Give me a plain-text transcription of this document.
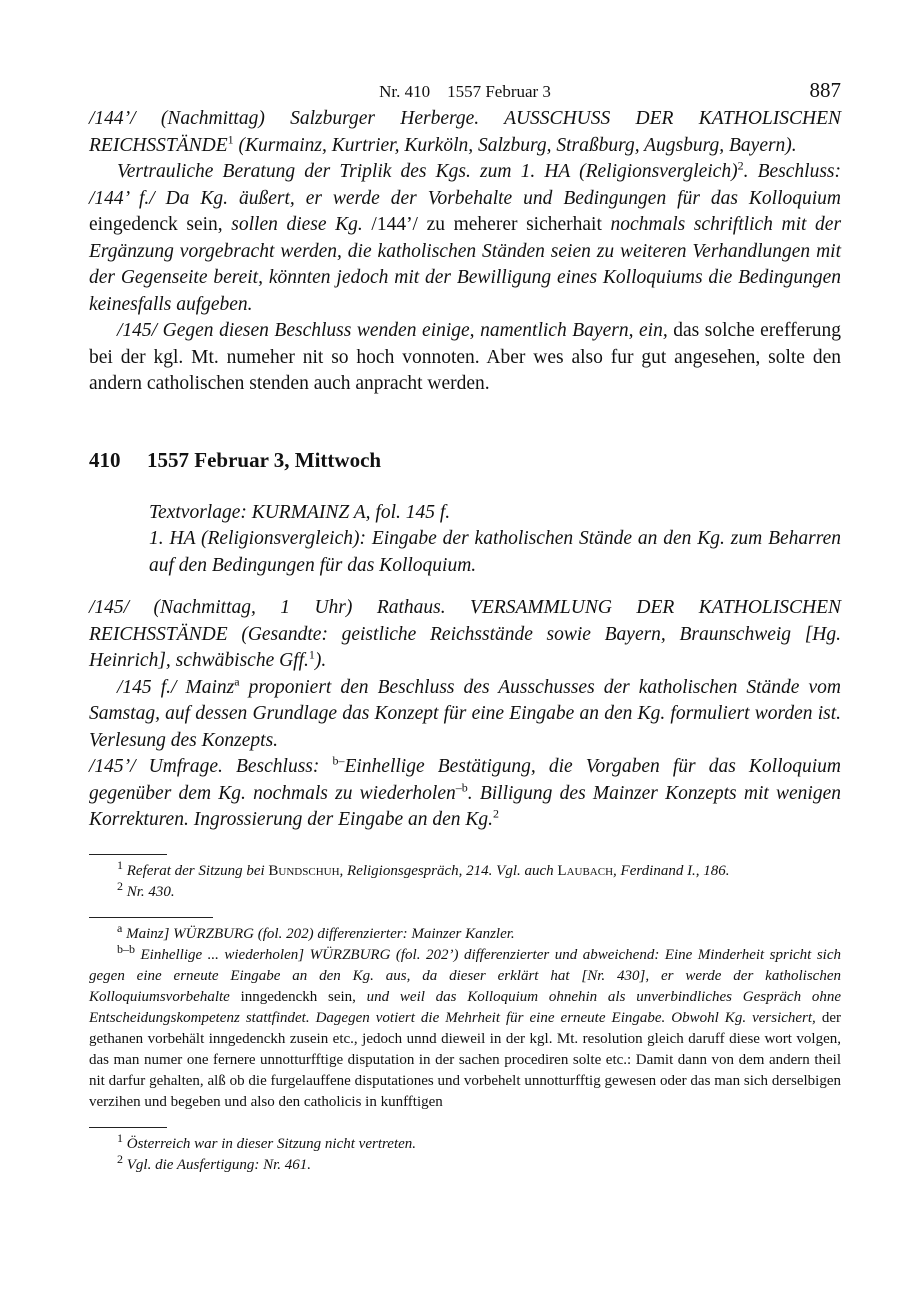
Nr. 410    1557 Februar 3	887

/144’/ (Nachmittag) Salzburger Herberge. AUSSCHUSS DER KATHOLISCHEN REICHSSTÄNDE$^1$ (Kurmainz, Kurtrier, Kurköln, Salzburg, Straßburg, Augsburg, Bayern).

Vertrauliche Beratung der Triplik des Kgs. zum 1. HA (Religionsvergleich)$^2$. Beschluss: /144’ f./ Da Kg. äußert, er werde der Vorbehalte und Bedingungen für das Kolloquium eingedenck sein, sollen diese Kg. /144’/ zu meherer sicherhait nochmals schriftlich mit der Ergänzung vorgebracht werden, die katholischen Ständen seien zu weiteren Verhandlungen mit der Gegenseite bereit, könnten jedoch mit der Bewilligung eines Kolloquiums die Bedingungen keinesfalls aufgeben.

/145/ Gegen diesen Beschluss wenden einige, namentlich Bayern, ein, das solche erefferung bei der kgl. Mt. numeher nit so hoch vonnoten. Aber wes also fur gut angesehen, solte den andern catholischen stenden auch anpracht werden.

410 1557 Februar 3, Mittwoch
Textvorlage: KURMAINZ A, fol. 145 f.
1. HA (Religionsvergleich): Eingabe der katholischen Stände an den Kg. zum Beharren auf den Bedingungen für das Kolloquium.

/145/ (Nachmittag, 1 Uhr) Rathaus. VERSAMMLUNG DER KATHOLISCHEN REICHSSTÄNDE (Gesandte: geistliche Reichsstände sowie Bayern, Braunschweig [Hg. Heinrich], schwäbische Gff.$^1$).

/145 f./ Mainz$^a$ proponiert den Beschluss des Ausschusses der katholischen Stände vom Samstag, auf dessen Grundlage das Konzept für eine Eingabe an den Kg. formuliert worden ist. Verlesung des Konzepts.

/145’/ Umfrage. Beschluss: $^{b-}$Einhellige Bestätigung, die Vorgaben für das Kolloquium gegenüber dem Kg. nochmals zu wiederholen$^{-b}$. Billigung des Mainzer Konzepts mit wenigen Korrekturen. Ingrossierung der Eingabe an den Kg.$^2$

$^1$ Referat der Sitzung bei Bundschuh, Religionsgespräch, 214. Vgl. auch Laubach, Ferdinand I., 186.

$^2$ Nr. 430.

$^a$ Mainz] WÜRZBURG (fol. 202) differenzierter: Mainzer Kanzler.

$^{b-b}$ Einhellige ... wiederholen] WÜRZBURG (fol. 202’) differenzierter und abweichend: Eine Minderheit spricht sich gegen eine erneute Eingabe an den Kg. aus, da dieser erklärt hat [Nr. 430], er werde der katholischen Kolloquiumsvorbehalte inngedenckh sein, und weil das Kolloquium ohnehin als unverbindliches Gespräch ohne Entscheidungskompetenz stattfindet. Dagegen votiert die Mehrheit für eine erneute Eingabe. Obwohl Kg. versichert, der gethanen vorbehält inngedenckh zusein etc., jedoch unnd dieweil in der kgl. Mt. resolution gleich daruff diese wort volgen, das man numer one fernere unnotturfftige disputation in der sachen procediren solte etc.: Damit dann von dem andern theil nit darfur gehalten, alß ob die furgelauffene disputationes und vorbehelt unnotturfftig gewesen oder das man sich derselbigen verzihen und begeben und also den catholicis in kunfftigen

$^1$ Österreich war in dieser Sitzung nicht vertreten.

$^2$ Vgl. die Ausfertigung: Nr. 461.
